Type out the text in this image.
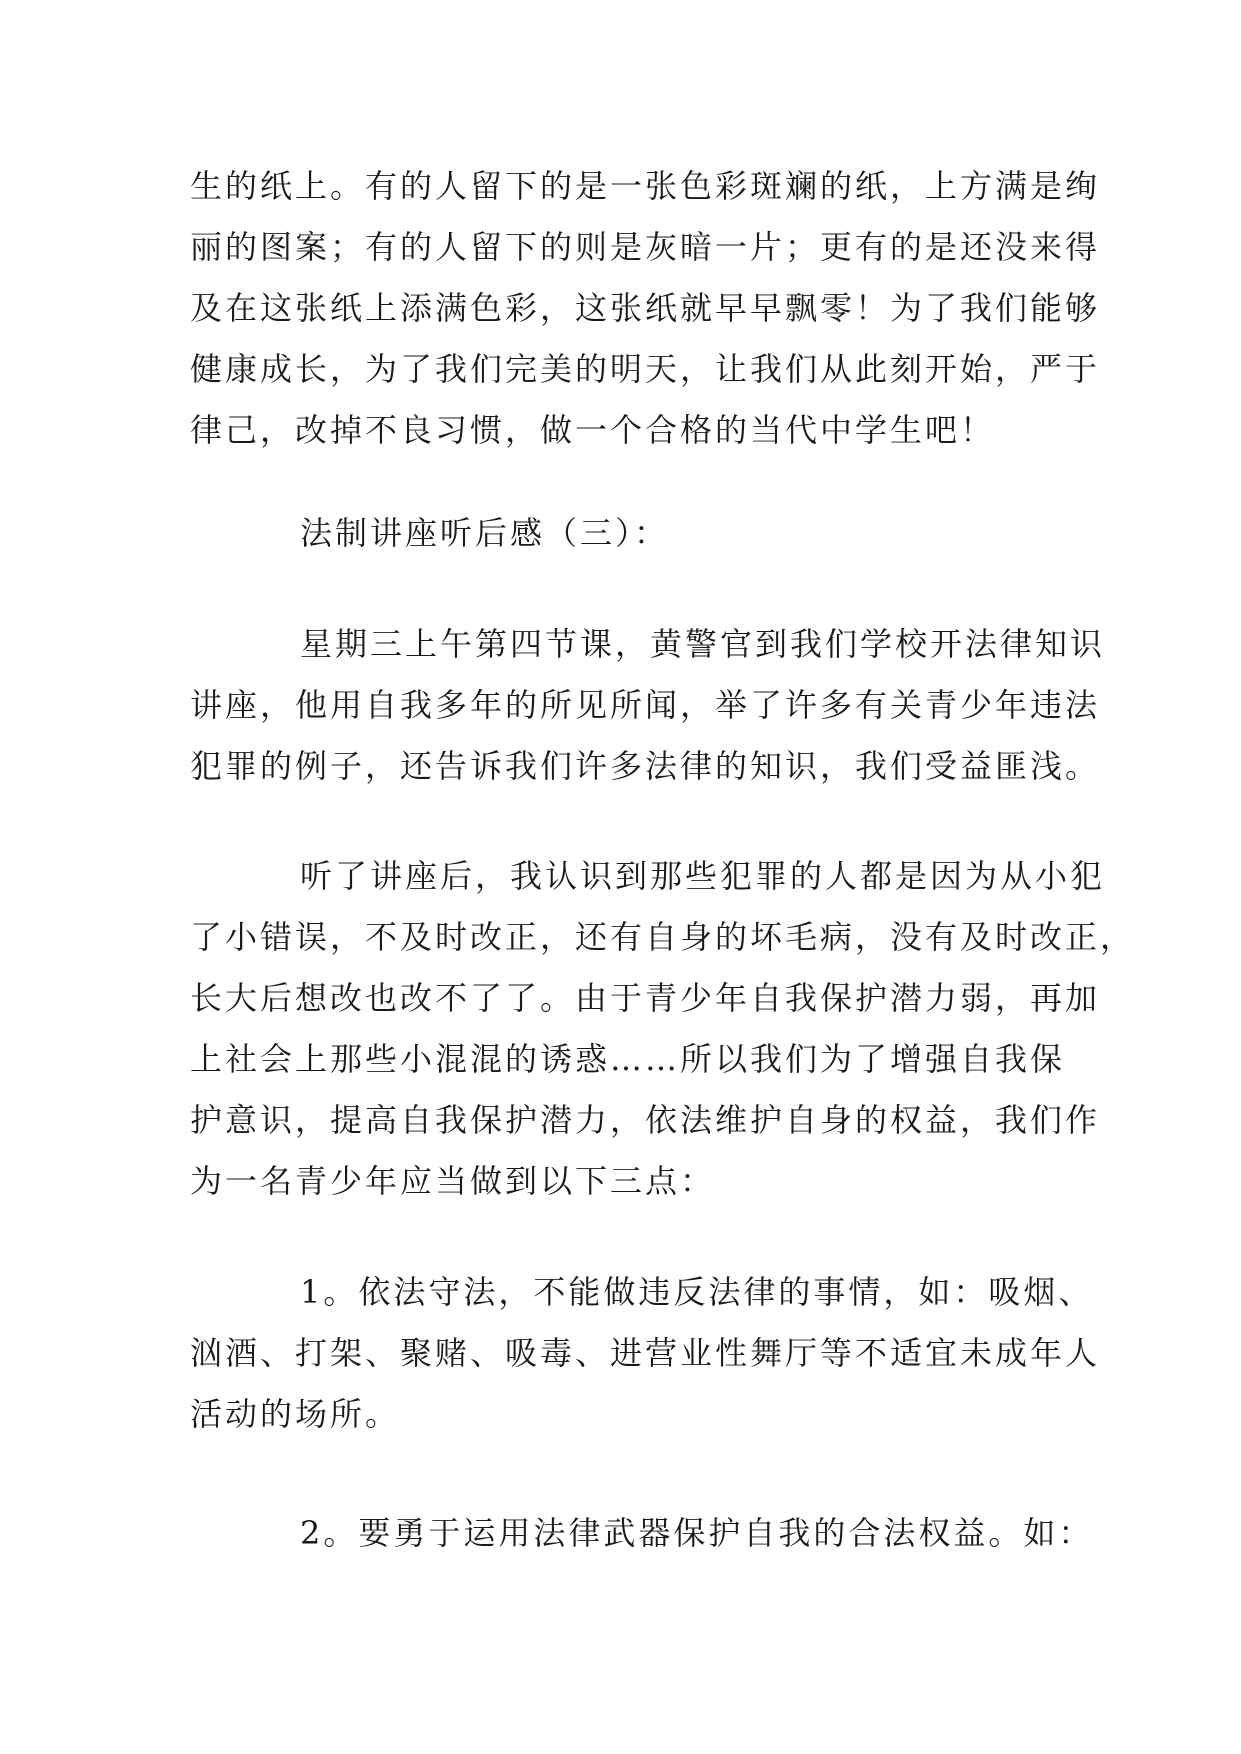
生的纸上。有的人留下的是一张色彩斑斓的纸，上方满是绚
丽的图案；有的人留下的则是灰暗一片；更有的是还没来得
及在这张纸上添满色彩，这张纸就早早飘零！为了我们能够
健康成长，为了我们完美的明天，让我们从此刻开始，严于
律己，改掉不良习惯，做一个合格的当代中学生吧！
法制讲座听后感（三）：
星期三上午第四节课，黄警官到我们学校开法律知识
讲座，他用自我多年的所见所闻，举了许多有关青少年违法
犯罪的例子，还告诉我们许多法律的知识，我们受益匪浅。
听了讲座后，我认识到那些犯罪的人都是因为从小犯
了小错误，不及时改正，还有自身的坏毛病，没有及时改正，
长大后想改也改不了了。由于青少年自我保护潜力弱，再加
上社会上那些小混混的诱惑……所以我们为了增强自我保
护意识，提高自我保护潜力，依法维护自身的权益，我们作
为一名青少年应当做到以下三点：
1。依法守法，不能做违反法律的事情，如：吸烟、
汹酒、打架、聚赌、吸毒、进营业性舞厅等不适宜未成年人
活动的场所。
2。要勇于运用法律武器保护自我的合法权益。如：
